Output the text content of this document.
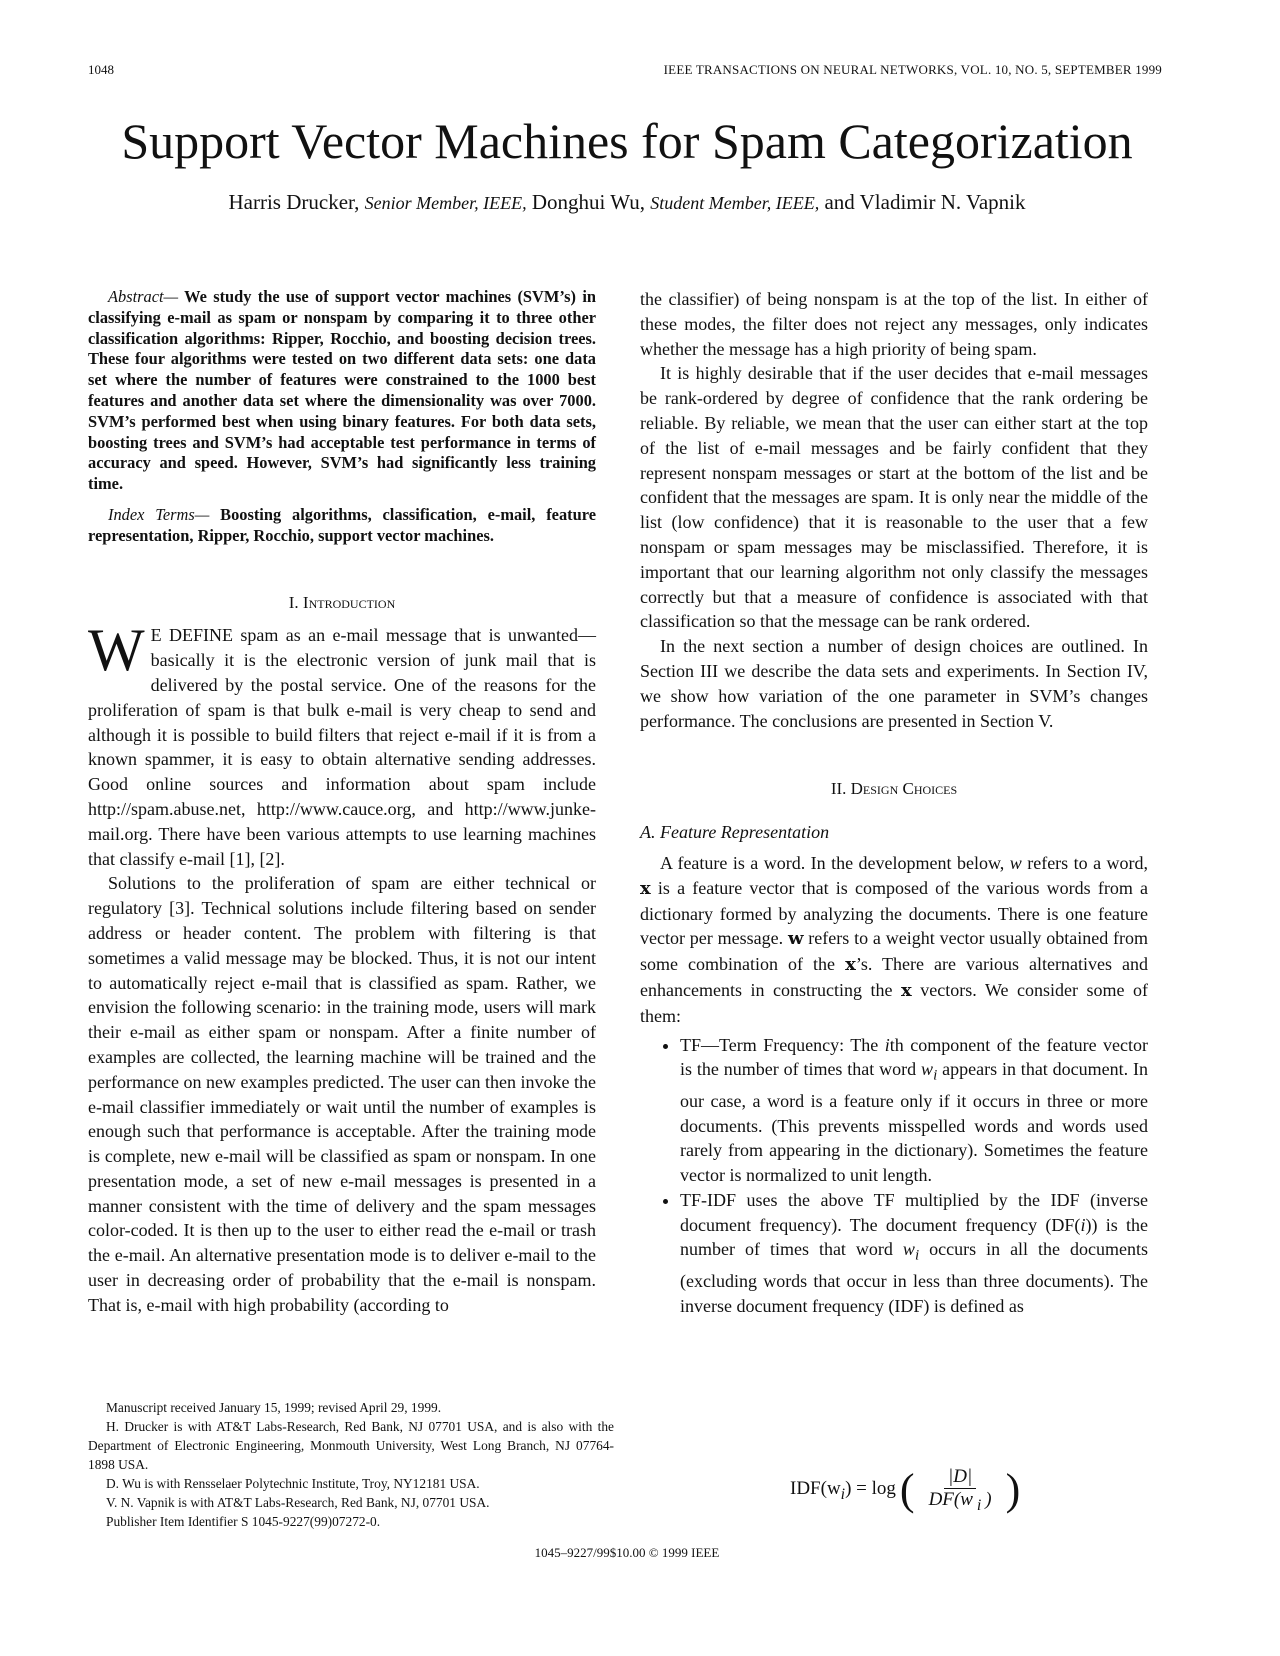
1048	IEEE TRANSACTIONS ON NEURAL NETWORKS, VOL. 10, NO. 5, SEPTEMBER 1999
Support Vector Machines for Spam Categorization
Harris Drucker, Senior Member, IEEE, Donghui Wu, Student Member, IEEE, and Vladimir N. Vapnik

Abstract— We study the use of support vector machines (SVM’s) in classifying e-mail as spam or nonspam by comparing it to three other classification algorithms: Ripper, Rocchio, and boosting decision trees. These four algorithms were tested on two different data sets: one data set where the number of features were constrained to the 1000 best features and another data set where the dimensionality was over 7000. SVM’s performed best when using binary features. For both data sets, boosting trees and SVM’s had acceptable test performance in terms of accuracy and speed. However, SVM’s had significantly less training time.

Index Terms— Boosting algorithms, classification, e-mail, feature representation, Ripper, Rocchio, support vector machines.

I. Introduction

WE DEFINE spam as an e-mail message that is unwanted—basically it is the electronic version of junk mail that is delivered by the postal service. One of the reasons for the proliferation of spam is that bulk e-mail is very cheap to send and although it is possible to build filters that reject e-mail if it is from a known spammer, it is easy to obtain alternative sending addresses. Good online sources and information about spam include http://spam.abuse.net, http://www.cauce.org, and http://www.junke-mail.org. There have been various attempts to use learning machines that classify e-mail [1], [2].

Solutions to the proliferation of spam are either technical or regulatory [3]. Technical solutions include filtering based on sender address or header content. The problem with filtering is that sometimes a valid message may be blocked. Thus, it is not our intent to automatically reject e-mail that is classified as spam. Rather, we envision the following scenario: in the training mode, users will mark their e-mail as either spam or nonspam. After a finite number of examples are collected, the learning machine will be trained and the performance on new examples predicted. The user can then invoke the e-mail classifier immediately or wait until the number of examples is enough such that performance is acceptable. After the training mode is complete, new e-mail will be classified as spam or nonspam. In one presentation mode, a set of new e-mail messages is presented in a manner consistent with the time of delivery and the spam messages color-coded. It is then up to the user to either read the e-mail or trash the e-mail. An alternative presentation mode is to deliver e-mail to the user in decreasing order of probability that the e-mail is nonspam. That is, e-mail with high probability (according to

the classifier) of being nonspam is at the top of the list. In either of these modes, the filter does not reject any messages, only indicates whether the message has a high priority of being spam.

It is highly desirable that if the user decides that e-mail messages be rank-ordered by degree of confidence that the rank ordering be reliable. By reliable, we mean that the user can either start at the top of the list of e-mail messages and be fairly confident that they represent nonspam messages or start at the bottom of the list and be confident that the messages are spam. It is only near the middle of the list (low confidence) that it is reasonable to the user that a few nonspam or spam messages may be misclassified. Therefore, it is important that our learning algorithm not only classify the messages correctly but that a measure of confidence is associated with that classification so that the message can be rank ordered.

In the next section a number of design choices are outlined. In Section III we describe the data sets and experiments. In Section IV, we show how variation of the one parameter in SVM’s changes performance. The conclusions are presented in Section V.

II. Design Choices
A. Feature Representation

A feature is a word. In the development below, w refers to a word, x is a feature vector that is composed of the various words from a dictionary formed by analyzing the documents. There is one feature vector per message. w refers to a weight vector usually obtained from some combination of the x’s. There are various alternatives and enhancements in constructing the x vectors. We consider some of them:

• TF—Term Frequency: The ith component of the feature vector is the number of times that word $w_i$ appears in that document. In our case, a word is a feature only if it occurs in three or more documents. (This prevents misspelled words and words used rarely from appearing in the dictionary). Sometimes the feature vector is normalized to unit length.
• TF-IDF uses the above TF multiplied by the IDF (inverse document frequency). The document frequency (DF(i)) is the number of times that word $w_i$ occurs in all the documents (excluding words that occur in less than three documents). The inverse document frequency (IDF) is defined as
$IDF(w_i) = \log$ ( $\frac{|D|}{DF(w _i )}$ )
Manuscript received January 15, 1999; revised April 29, 1999.
H. Drucker is with AT&T Labs-Research, Red Bank, NJ 07701 USA, and is also with the Department of Electronic Engineering, Monmouth University, West Long Branch, NJ 07764-1898 USA.
D. Wu is with Rensselaer Polytechnic Institute, Troy, NY12181 USA.
V. N. Vapnik is with AT&T Labs-Research, Red Bank, NJ, 07701 USA.
Publisher Item Identifier S 1045-9227(99)07272-0.
1045–9227/99$10.00 © 1999 IEEE
